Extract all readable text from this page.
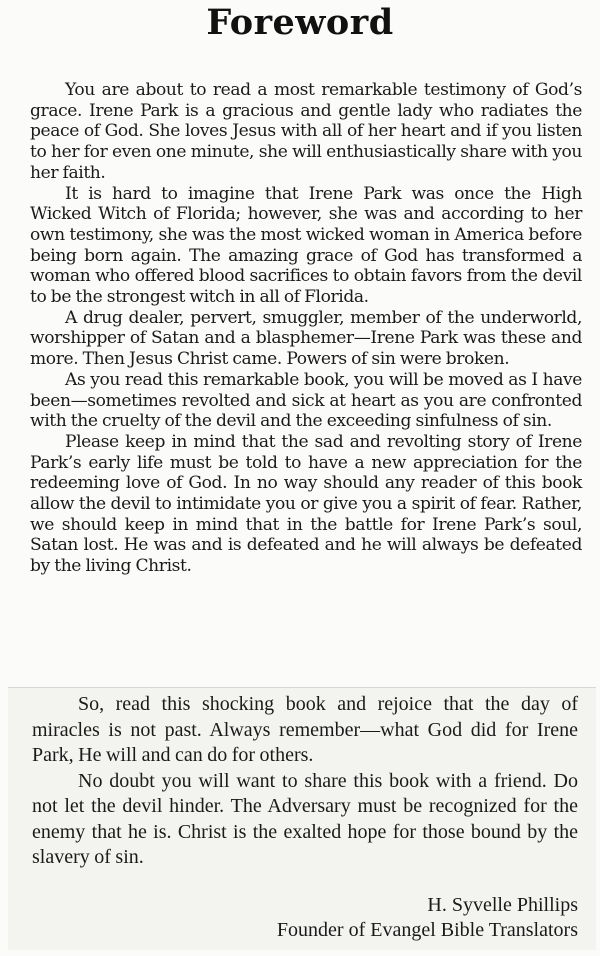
Foreword

You are about to read a most remarkable testimony of God’s grace. Irene Park is a gracious and gentle lady who radiates the peace of God. She loves Jesus with all of her heart and if you listen to her for even one minute, she will enthusiastically share with you her faith.

It is hard to imagine that Irene Park was once the High Wicked Witch of Florida; however, she was and according to her own testimony, she was the most wicked woman in America before being born again. The amazing grace of God has transformed a woman who offered blood sacrifices to obtain favors from the devil to be the strongest witch in all of Florida.

A drug dealer, pervert, smuggler, member of the underworld, worshipper of Satan and a blasphemer—Irene Park was these and more. Then Jesus Christ came. Powers of sin were broken.

As you read this remarkable book, you will be moved as I have been—sometimes revolted and sick at heart as you are confronted with the cruelty of the devil and the exceeding sinfulness of sin.

Please keep in mind that the sad and revolting story of Irene Park’s early life must be told to have a new appreciation for the redeeming love of God. In no way should any reader of this book allow the devil to intimidate you or give you a spirit of fear. Rather, we should keep in mind that in the battle for Irene Park’s soul, Satan lost. He was and is defeated and he will always be defeated by the living Christ.

So, read this shocking book and rejoice that the day of miracles is not past. Always remember—what God did for Irene Park, He will and can do for others.

No doubt you will want to share this book with a friend. Do not let the devil hinder. The Adversary must be recognized for the enemy that he is. Christ is the exalted hope for those bound by the slavery of sin.

H. Syvelle Phillips
Founder of Evangel Bible Translators
